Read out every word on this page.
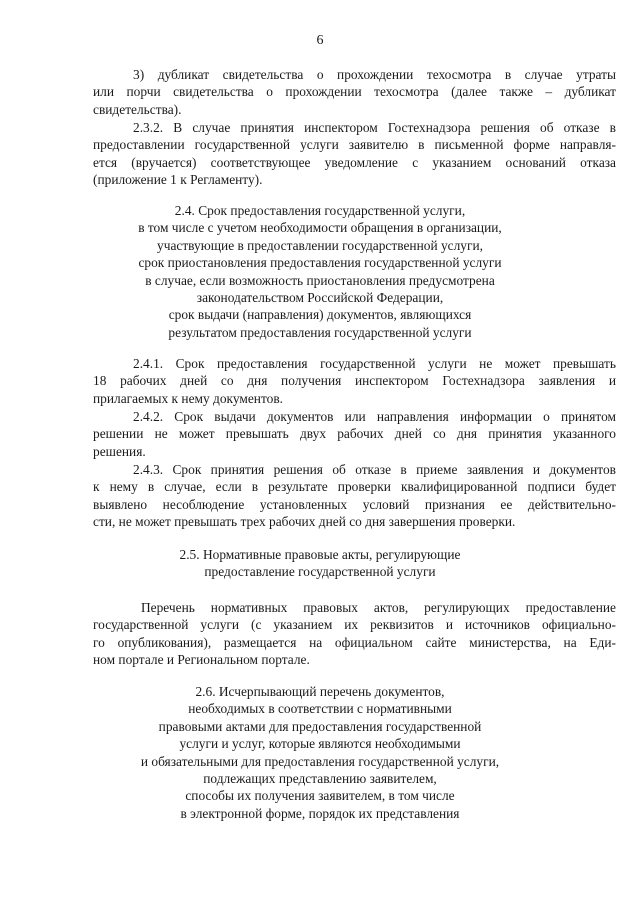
6
3) дубликат свидетельства о прохождении техосмотра в случае утраты
или порчи свидетельства о прохождении техосмотра (далее также – дубликат
свидетельства).
2.3.2. В случае принятия инспектором Гостехнадзора решения об отказе в
предоставлении государственной услуги заявителю в письменной форме направля-
ется (вручается) соответствующее уведомление с указанием оснований отказа
(приложение 1 к Регламенту).
2.4. Срок предоставления государственной услуги,
в том числе с учетом необходимости обращения в организации,
участвующие в предоставлении государственной услуги,
срок приостановления предоставления государственной услуги
в случае, если возможность приостановления предусмотрена
законодательством Российской Федерации,
срок выдачи (направления) документов, являющихся
результатом предоставления государственной услуги
2.4.1. Срок предоставления государственной услуги не может превышать
18 рабочих дней со дня получения инспектором Гостехнадзора заявления и
прилагаемых к нему документов.
2.4.2. Срок выдачи документов или направления информации о принятом
решении не может превышать двух рабочих дней со дня принятия указанного
решения.
2.4.3. Срок принятия решения об отказе в приеме заявления и документов
к нему в случае, если в результате проверки квалифицированной подписи будет
выявлено несоблюдение установленных условий признания ее действительно-
сти, не может превышать трех рабочих дней со дня завершения проверки.
2.5. Нормативные правовые акты, регулирующие
предоставление государственной услуги
Перечень нормативных правовых актов, регулирующих предоставление
государственной услуги (с указанием их реквизитов и источников официально-
го опубликования), размещается на официальном сайте министерства, на Еди-
ном портале и Региональном портале.
2.6. Исчерпывающий перечень документов,
необходимых в соответствии с нормативными
правовыми актами для предоставления государственной
услуги и услуг, которые являются необходимыми
и обязательными для предоставления государственной услуги,
подлежащих представлению заявителем,
способы их получения заявителем, в том числе
в электронной форме, порядок их представления
